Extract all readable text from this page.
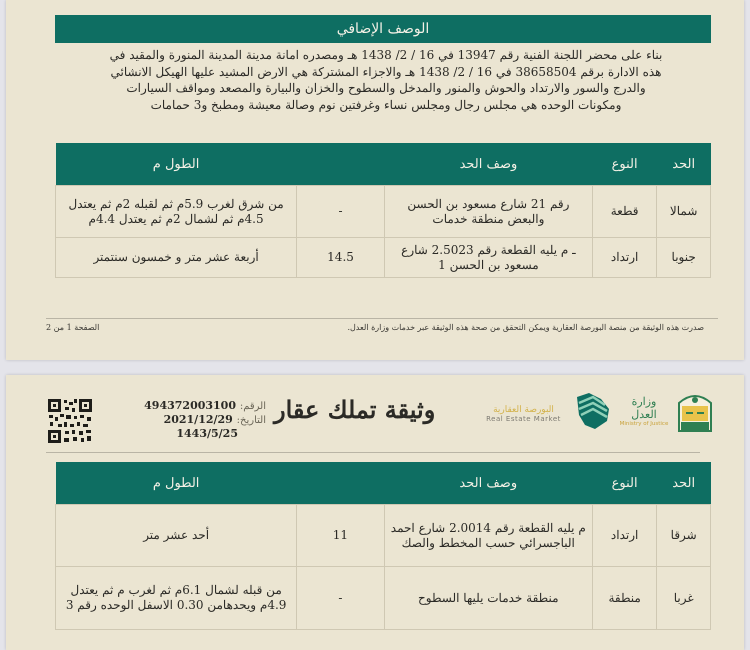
الوصف الإضافي
بناء على محضر اللجنة الفنية رقم 13947 في 16 / 2/ 1438 هـ ومصدره امانة مدينة المدينة المنورة والمقيد في هذه الادارة برقم 38658504 في 16 / 2/ 1438 هـ والاجزاء المشتركة هي الارض المشيد عليها الهيكل الانشائي والدرج والسور والارتداد والحوش والمنور والمدخل والسطوح والخزان والبيارة والمصعد ومواقف السيارات ومكونات الوحده هي مجلس رجال ومجلس نساء وغرفتين نوم وصالة معيشة ومطبخ و3 حمامات
الحد	النوع	وصف الحد		الطول م
شمالا	قطعة	رقم 21 شارع مسعود بن الحسن والبعض منطقة خدمات	-	من شرق لغرب 5.9م ثم لقبله 2م ثم يعتدل 4.5م ثم لشمال 2م ثم يعتدل 4.4م
جنوبا	ارتداد	ـ م يليه القطعة رقم 2.5023 شارع مسعود بن الحسن 1	14.5	أربعة عشر متر و خمسون سنتمتر
صدرت هذه الوثيقة من منصة البورصة العقارية ويمكن التحقق من صحة هذه الوثيقة عبر خدمات وزارة العدل.
الصفحة 1 من 2
الرقم: 494372003100
التاريخ: 2021/12/29
1443/5/25
وثيقة تملك عقار	البورصة العقارية
Real Estate Market
وزارة العدل
Ministry of Justice
الحد	النوع	وصف الحد		الطول م
شرقا	ارتداد	م يليه القطعة رقم 2.0014 شارع احمد الباجسرائي حسب المخطط والصك	11	أحد عشر متر
غربا	منطقة	منطقة خدمات يليها السطوح	-	من قبله لشمال 6.1م ثم لغرب م ثم يعتدل 4.9م ويحدهامن 0.30 الاسفل الوحده رقم 3
